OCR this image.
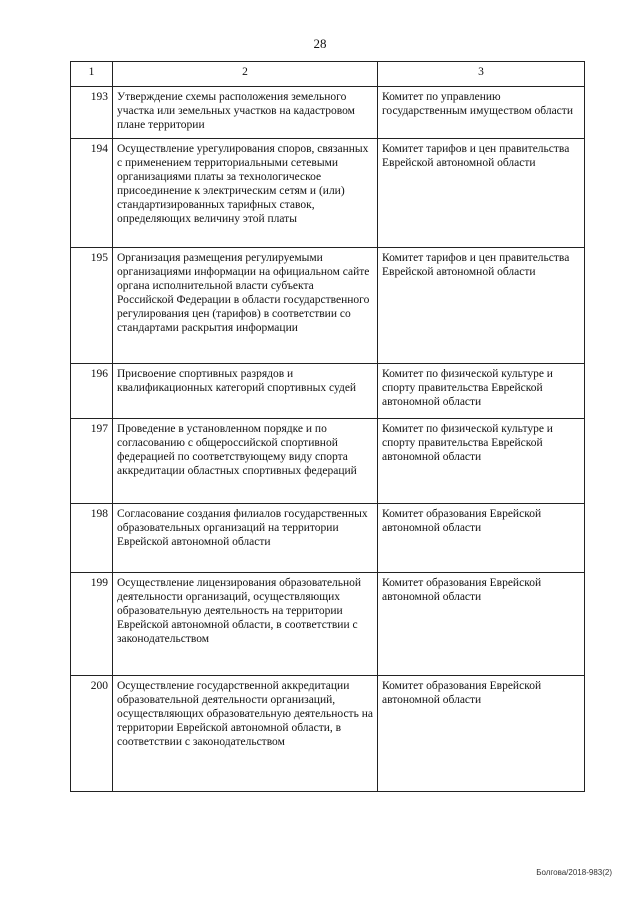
28
1	2	3
193	Утверждение схемы расположения земельного участка или земельных участков на кадастровом плане территории	Комитет по управлению государственным имуществом области
194	Осуществление урегулирования споров, связанных с применением территориальными сетевыми организациями платы за технологическое присоединение к электрическим сетям и (или) стандартизированных тарифных ставок, определяющих величину этой платы	Комитет тарифов и цен правительства Еврейской автономной области
195	Организация размещения регулируемыми организациями информации на официальном сайте органа исполнительной власти субъекта Российской Федерации в области государственного регулирования цен (тарифов) в соответствии со стандартами раскрытия информации	Комитет тарифов и цен правительства Еврейской автономной области
196	Присвоение спортивных разрядов и квалификационных категорий спортивных судей	Комитет по физической культуре и спорту правительства Еврейской автономной области
197	Проведение в установленном порядке и по согласованию с общероссийской спортивной федерацией по соответствующему виду спорта аккредитации областных спортивных федераций	Комитет по физической культуре и спорту правительства Еврейской автономной области
198	Согласование создания филиалов государственных образовательных организаций на территории Еврейской автономной области	Комитет образования Еврейской автономной области
199	Осуществление лицензирования образовательной деятельности организаций, осуществляющих образовательную деятельность на территории Еврейской автономной области, в соответствии с законодательством	Комитет образования Еврейской автономной области
200	Осуществление государственной аккредитации образовательной деятельности организаций, осуществляющих образовательную деятельность на территории Еврейской автономной области, в соответствии с законодательством	Комитет образования Еврейской автономной области
Болгова/2018-983(2)
